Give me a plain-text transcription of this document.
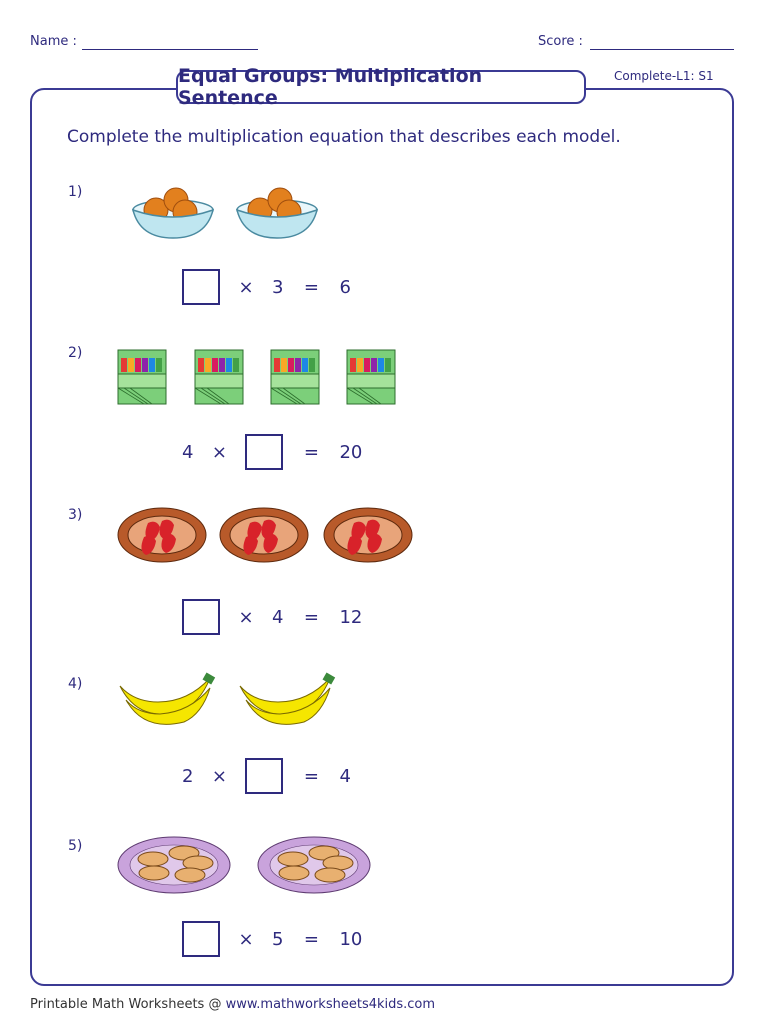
Name :	Score :
Equal Groups: Multiplication Sentence
Complete-L1: S1
Complete the multiplication equation that describes each model.
1)
2)
3)
4)
5)
×	3	=	6
4	×	=	20
×	4	=	12
2	×	=	4
×	5	=	10
Printable Math Worksheets @ www.mathworksheets4kids.com
